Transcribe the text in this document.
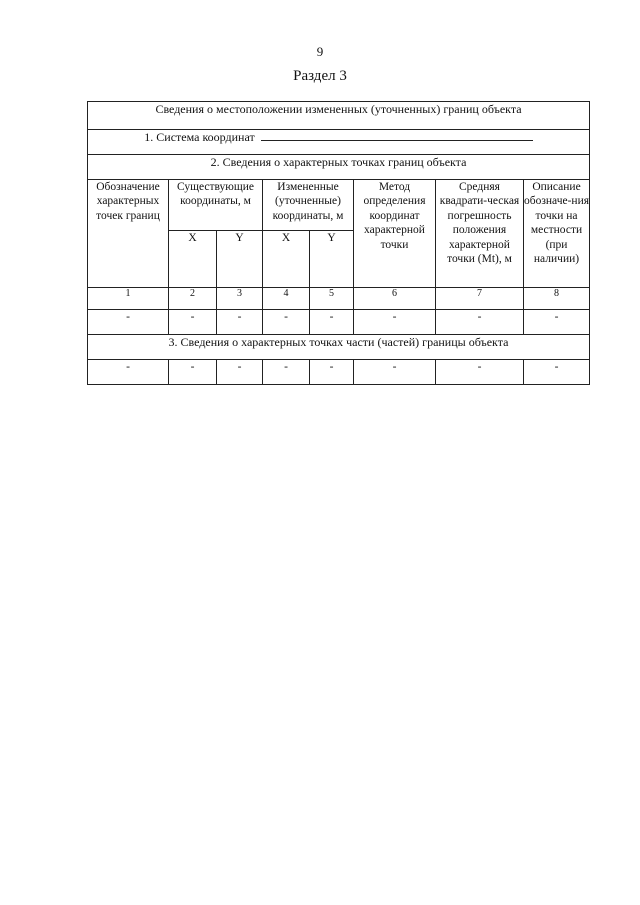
9
Раздел 3
Сведения о местоположении измененных (уточненных) границ объекта							
1. Система координат							
2. Сведения о характерных точках границ объекта							
Обозначение характерных точек границ	Существующие координаты, м		Измененные (уточненные) координаты, м		Метод определения координат характерной точки	Средняя квадрати-ческая погрешность положения характерной точки (Mt), м	Описание обозначе-ния точки на местности (при наличии)
	X	Y	X	Y			
1	2	3	4	5	6	7	8
-	-	-	-	-	-	-	-
3. Сведения о характерных точках части (частей) границы объекта							
-	-	-	-	-	-	-	-
